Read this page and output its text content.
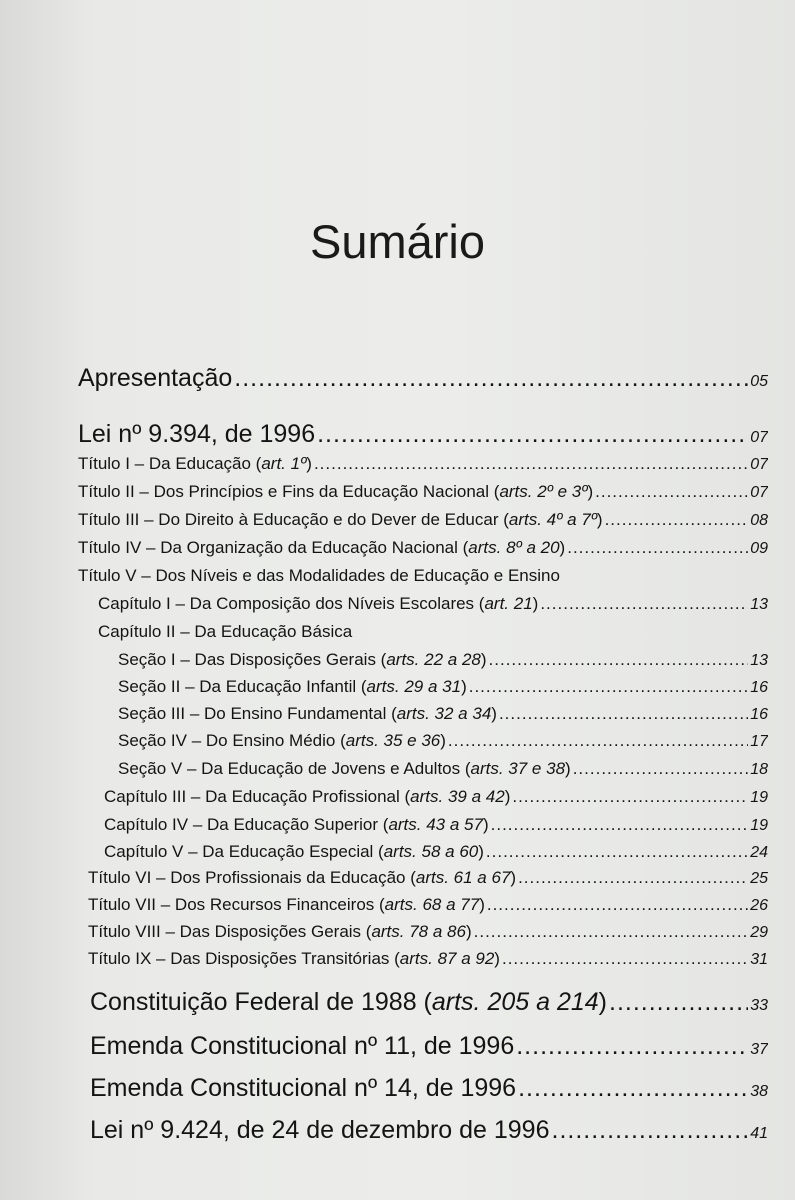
Sumário
Apresentação .....	05
Lei nº 9.394, de 1996 .....	07
Título I – Da Educação (art. 1º) .....	07
Título II – Dos Princípios e Fins da Educação Nacional (arts. 2º e 3º) .....	07
Título III – Do Direito à Educação e do Dever de Educar (arts. 4º a 7º) .....	08
Título IV – Da Organização da Educação Nacional (arts. 8º a 20) .....	09
Título V – Dos Níveis e das Modalidades de Educação e Ensino
Capítulo I – Da Composição dos Níveis Escolares (art. 21) .....	13
Capítulo II – Da Educação Básica
Seção I – Das Disposições Gerais (arts. 22 a 28) .....	13
Seção II – Da Educação Infantil (arts. 29 a 31) .....	16
Seção III – Do Ensino Fundamental (arts. 32 a 34) .....	16
Seção IV – Do Ensino Médio (arts. 35 e 36) .....	17
Seção V – Da Educação de Jovens e Adultos (arts. 37 e 38) .....	18
Capítulo III – Da Educação Profissional (arts. 39 a 42) .....	19
Capítulo IV – Da Educação Superior (arts. 43 a 57) .....	19
Capítulo V – Da Educação Especial (arts. 58 a 60) .....	24
Título VI – Dos Profissionais da Educação (arts. 61 a 67) .....	25
Título VII – Dos Recursos Financeiros (arts. 68 a 77) .....	26
Título VIII – Das Disposições Gerais (arts. 78 a 86) .....	29
Título IX – Das Disposições Transitórias (arts. 87 a 92) .....	31
Constituição Federal de 1988 (arts. 205 a 214) .....	33
Emenda Constitucional nº 11, de 1996 .....	37
Emenda Constitucional nº 14, de 1996 .....	38
Lei nº 9.424, de 24 de dezembro de 1996 .....	41
